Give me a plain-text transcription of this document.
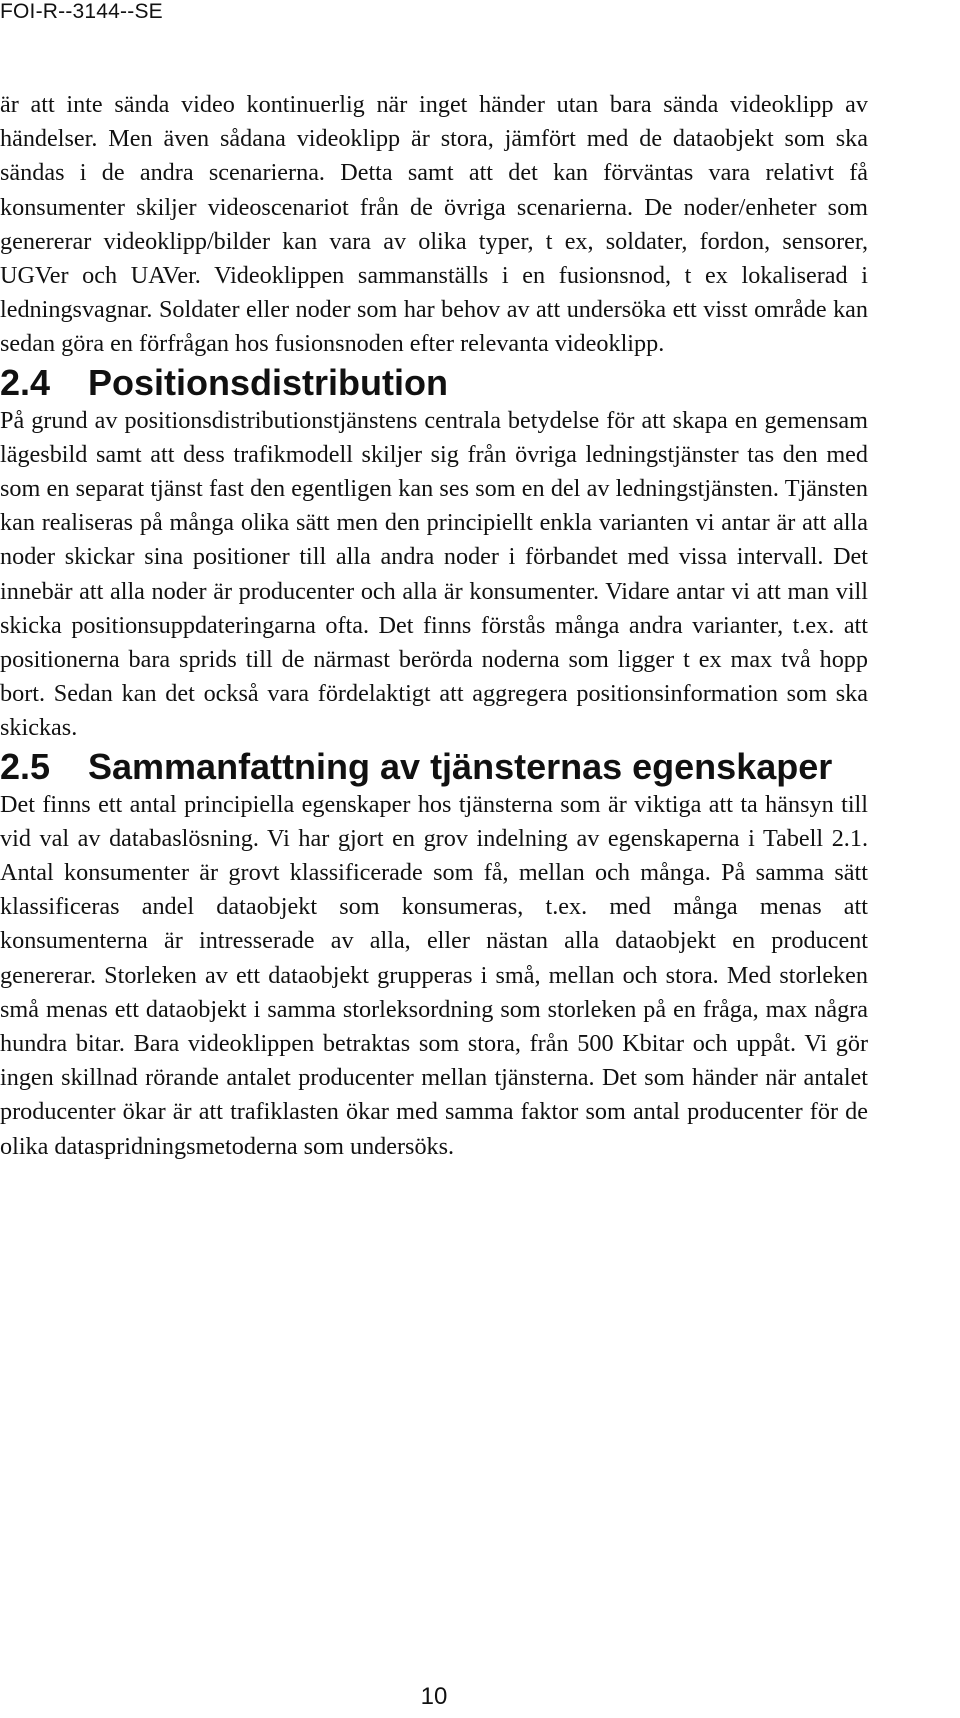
FOI-R--3144--SE

är att inte sända video kontinuerlig när inget händer utan bara sända videoklipp av händelser. Men även sådana videoklipp är stora, jämfört med de dataobjekt som ska sändas i de andra scenarierna. Detta samt att det kan förväntas vara relativt få konsumenter skiljer videoscenariot från de övriga scenarierna. De noder/enheter som genererar videoklipp/bilder kan vara av olika typer, t ex, soldater, fordon, sensorer, UGVer och UAVer. Videoklippen sammanställs i en fusionsnod, t ex lokaliserad i ledningsvagnar. Soldater eller noder som har behov av att undersöka ett visst område kan sedan göra en förfrågan hos fusionsnoden efter relevanta videoklipp.

2.4 Positionsdistribution

På grund av positionsdistributionstjänstens centrala betydelse för att skapa en gemensam lägesbild samt att dess trafikmodell skiljer sig från övriga ledningstjänster tas den med som en separat tjänst fast den egentligen kan ses som en del av ledningstjänsten. Tjänsten kan realiseras på många olika sätt men den principiellt enkla varianten vi antar är att alla noder skickar sina positioner till alla andra noder i förbandet med vissa intervall. Det innebär att alla noder är producenter och alla är konsumenter. Vidare antar vi att man vill skicka positionsuppdateringarna ofta. Det finns förstås många andra varianter, t.ex. att positionerna bara sprids till de närmast berörda noderna som ligger t ex max två hopp bort. Sedan kan det också vara fördelaktigt att aggregera positionsinformation som ska skickas.

2.5 Sammanfattning av tjänsternas egenskaper

Det finns ett antal principiella egenskaper hos tjänsterna som är viktiga att ta hänsyn till vid val av databaslösning. Vi har gjort en grov indelning av egenskaperna i Tabell 2.1. Antal konsumenter är grovt klassificerade som få, mellan och många. På samma sätt klassificeras andel dataobjekt som konsumeras, t.ex. med många menas att konsumenterna är intresserade av alla, eller nästan alla dataobjekt en producent genererar. Storleken av ett dataobjekt grupperas i små, mellan och stora. Med storleken små menas ett dataobjekt i samma storleksordning som storleken på en fråga, max några hundra bitar. Bara videoklippen betraktas som stora, från 500 Kbitar och uppåt. Vi gör ingen skillnad rörande antalet producenter mellan tjänsterna. Det som händer när antalet producenter ökar är att trafiklasten ökar med samma faktor som antal producenter för de olika dataspridningsmetoderna som undersöks.

10
